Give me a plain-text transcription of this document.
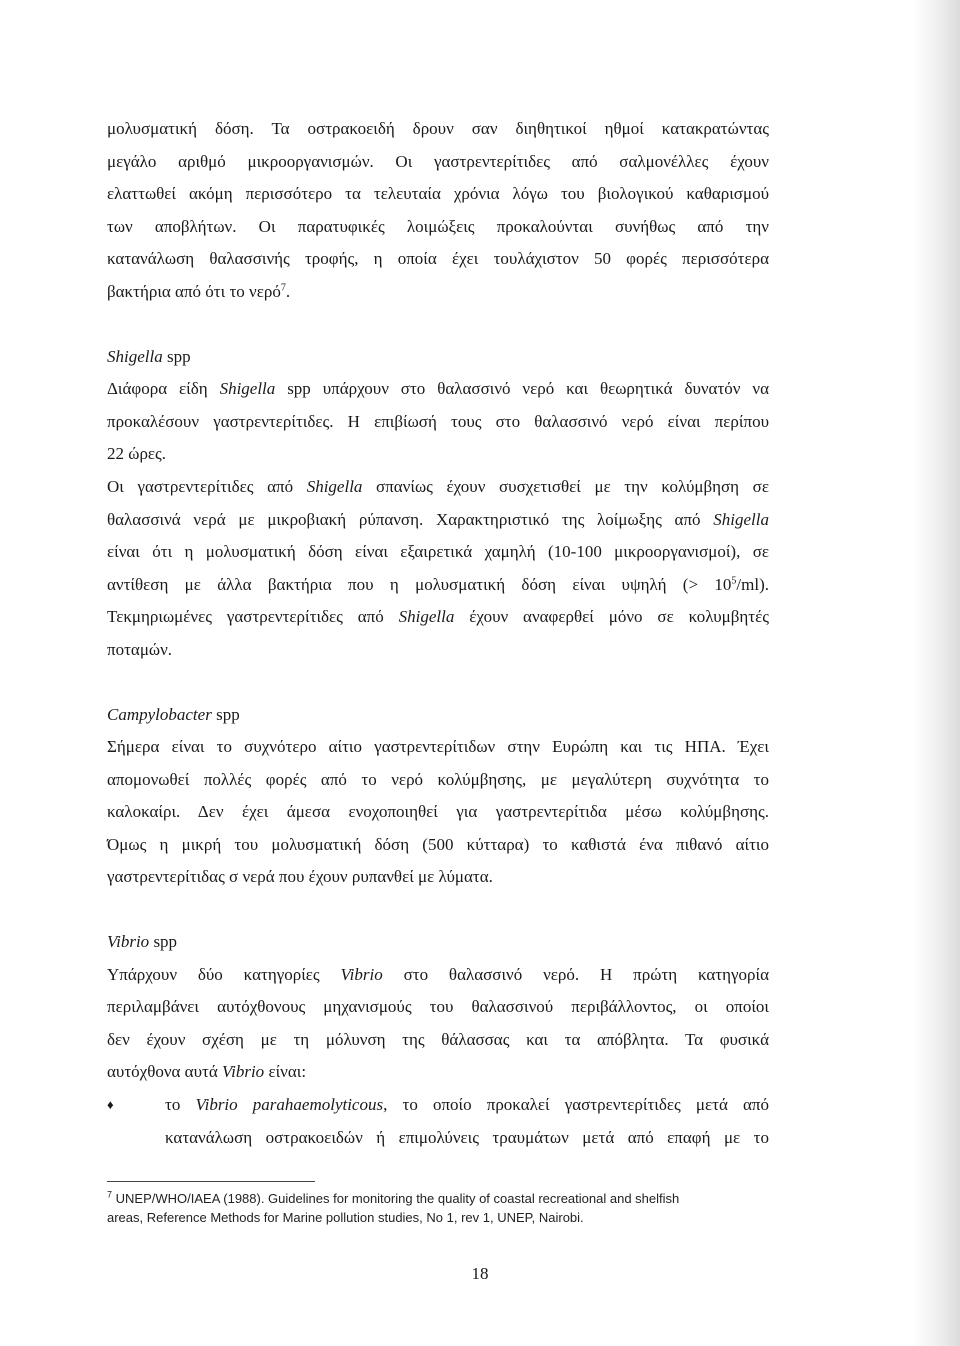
μολυσματική δόση. Τα οστρακοειδή δρουν σαν διηθητικοί ηθμοί κατακρατώντας
μεγάλο αριθμό μικροοργανισμών. Οι γαστρεντερίτιδες από σαλμονέλλες έχουν
ελαττωθεί ακόμη περισσότερο τα τελευταία χρόνια λόγω του βιολογικού καθαρισμού
των αποβλήτων. Οι παρατυφικές λοιμώξεις προκαλούνται συνήθως από την
κατανάλωση θαλασσινής τροφής, η οποία έχει τουλάχιστον 50 φορές περισσότερα
βακτήρια από ότι το νερό$^7$.
Shigella spp
Διάφορα είδη Shigella spp υπάρχουν στο θαλασσινό νερό και θεωρητικά δυνατόν να
προκαλέσουν γαστρεντερίτιδες. Η επιβίωσή τους στο θαλασσινό νερό είναι περίπου
22 ώρες.
Οι γαστρεντερίτιδες από Shigella σπανίως έχουν συσχετισθεί με την κολύμβηση σε
θαλασσινά νερά με μικροβιακή ρύπανση. Χαρακτηριστικό της λοίμωξης από Shigella
είναι ότι η μολυσματική δόση είναι εξαιρετικά χαμηλή (10-100 μικροοργανισμοί), σε
αντίθεση με άλλα βακτήρια που η μολυσματική δόση είναι υψηλή (> $10^5/ml$).
Τεκμηριωμένες γαστρεντερίτιδες από Shigella έχουν αναφερθεί μόνο σε κολυμβητές
ποταμών.
Campylobacter spp
Σήμερα είναι το συχνότερο αίτιο γαστρεντερίτιδων στην Ευρώπη και τις ΗΠΑ. Έχει
απομονωθεί πολλές φορές από το νερό κολύμβησης, με μεγαλύτερη συχνότητα το
καλοκαίρι. Δεν έχει άμεσα ενοχοποιηθεί για γαστρεντερίτιδα μέσω κολύμβησης.
Όμως η μικρή του μολυσματική δόση (500 κύτταρα) το καθιστά ένα πιθανό αίτιο
γαστρεντερίτιδας σ νερά που έχουν ρυπανθεί με λύματα.
Vibrio spp
Υπάρχουν δύο κατηγορίες Vibrio στο θαλασσινό νερό. Η πρώτη κατηγορία
περιλαμβάνει αυτόχθονους μηχανισμούς του θαλασσινού περιβάλλοντος, οι οποίοι
δεν έχουν σχέση με τη μόλυνση της θάλασσας και τα απόβλητα. Τα φυσικά
αυτόχθονα αυτά Vibrio είναι:
♦	το Vibrio parahaemolyticous, το οποίο προκαλεί γαστρεντερίτιδες μετά από
κατανάλωση οστρακοειδών ή επιμολύνεις τραυμάτων μετά από επαφή με το
$^7$ UNEP/WHO/IAEA (1988). Guidelines for monitoring the quality of coastal recreational and shelfish
areas, Reference Methods for Marine pollution studies, No 1, rev 1, UNEP, Nairobi.
18
